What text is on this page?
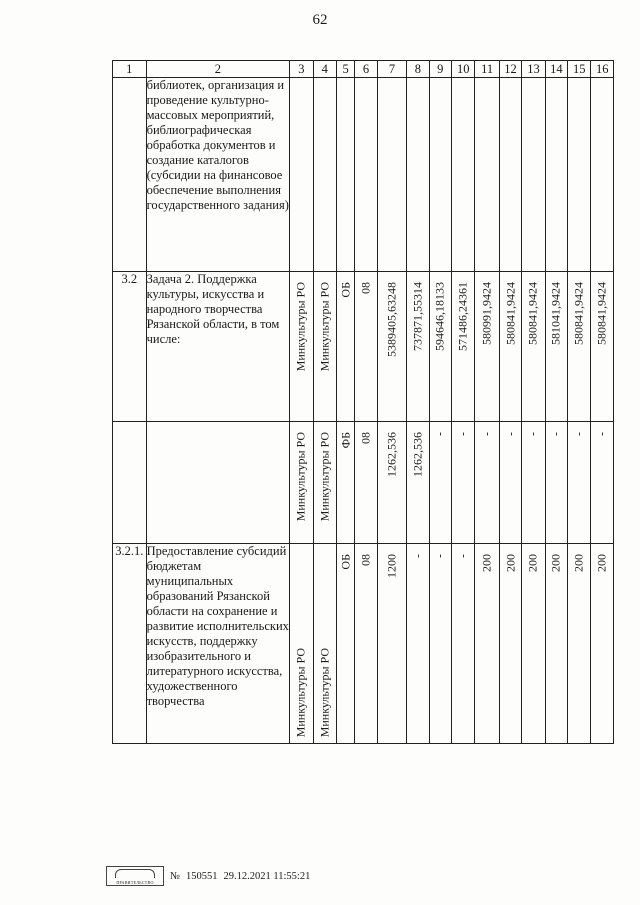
62
1	2	3	4	5	6	7	8	9	10	11	12	13	14	15	16
	библиотек, организация и проведение культурно-массовых мероприятий, библиографическая обработка документов и создание каталогов (субсидии на финансовое обеспечение выполнения государственного задания)	

3.2	Задача 2. Поддержка культуры, искусства и народного творчества Рязанской области, в том числе:	Минкультуры РО	Минкультуры РО	ОБ	08	5389405,63248	737871,55314	594646,18133	571486,24361	580991,9424	580841,9424	580841,9424	581041,9424	580841,9424	580841,9424

		Минкультуры РО	Минкультуры РО	ФБ	08	1262,536	1262,536	-	-	-	-	-	-	-	-

3.2.1.	Предоставление субсидий бюджетам муниципальных образований Рязанской области на сохранение и развитие исполнительских искусств, поддержку изобразительного и литературного искусства, художественного творчества	Минкультуры РО	Минкультуры РО	ОБ	08	1200	-	-	-	200	200	200	200	200	200
ПРАВИТЕЛЬСТВО
№ 150551 29.12.2021 11:55:21
